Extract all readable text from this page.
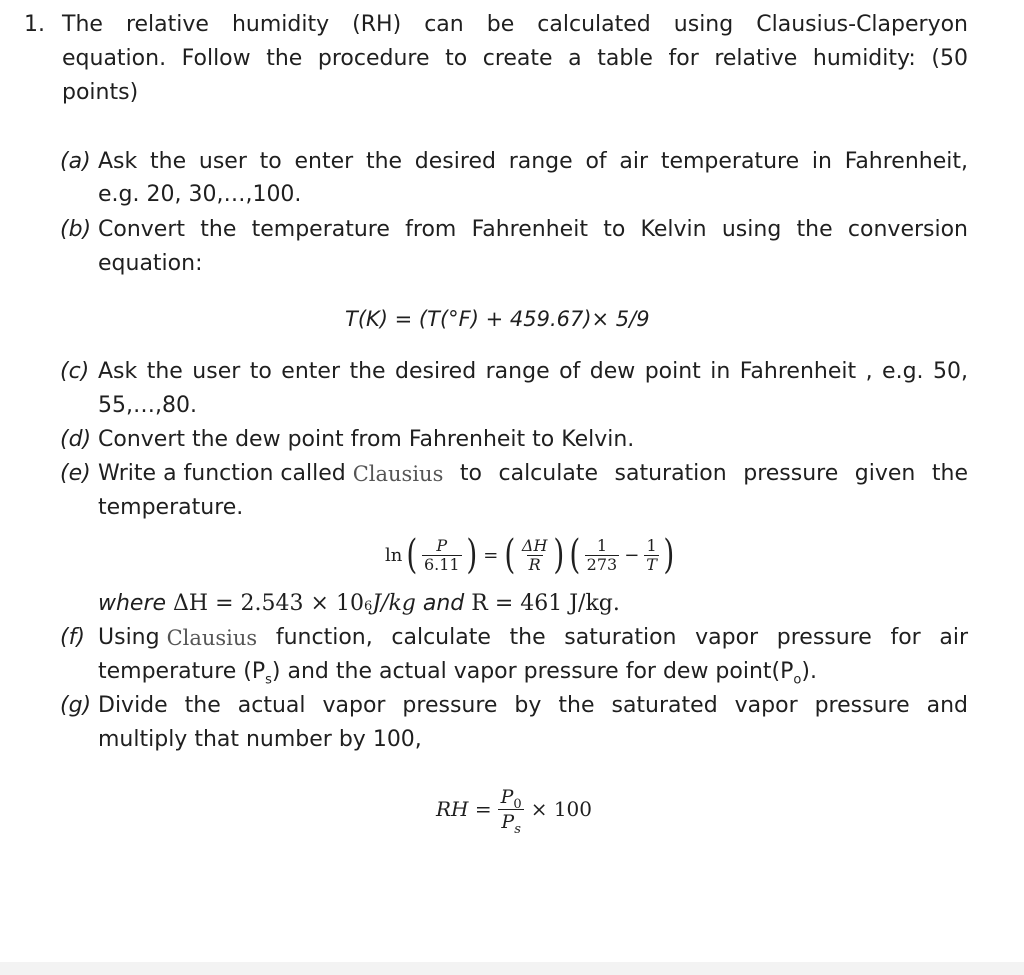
1. The relative humidity (RH) can be calculated using Clausius-Claperyon
equation. Follow the procedure to create a table for relative humidity: (50
points)
(a) Ask the user to enter the desired range of air temperature in Fahrenheit,
e.g. 20, 30,…,100.
(b) Convert the temperature from Fahrenheit to Kelvin using the conversion
equation:
T(K) = (T(°F) + 459.67)× 5/9
(c) Ask the user to enter the desired range of dew point in Fahrenheit , e.g. 50,
55,…,80.
(d) Convert the dew point from Fahrenheit to Kelvin.
(e) Write a function called Clausius to calculate saturation pressure given the
temperature.
ln ( $\frac{P}{6.11}$ ) = ( $\frac{\Delta H}{R}$ ) ( $\frac{1}{273} - \frac{1}{T}$ )
where ΔH = 2.543 × 10 6 J/kg and R = 461 J/kg.
(f) Using Clausius function, calculate the saturation vapor pressure for air
temperature $(P_s)$ and the actual vapor pressure for dew $point(P_o)$.
(g) Divide the actual vapor pressure by the saturated vapor pressure and
multiply that number by 100,
RH = $\frac{P_0}{P_s} \times 100$
